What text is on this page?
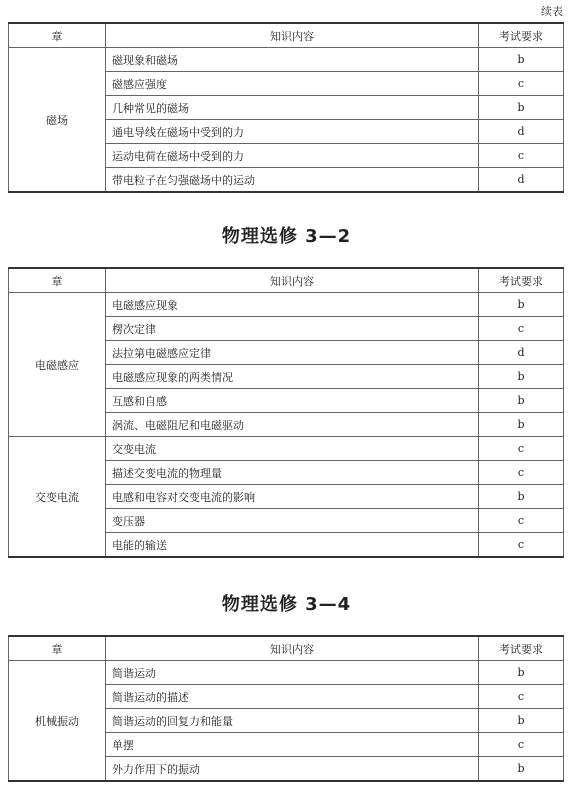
续表
章	知识内容	考试要求
磁场	磁现象和磁场	b
	磁感应强度	c
	几种常见的磁场	b
	通电导线在磁场中受到的力	d
	运动电荷在磁场中受到的力	c
	带电粒子在匀强磁场中的运动	d
物理选修 3—2
章	知识内容	考试要求
电磁感应	电磁感应现象	b
	楞次定律	c
	法拉第电磁感应定律	d
	电磁感应现象的两类情况	b
	互感和自感	b
	涡流、电磁阻尼和电磁驱动	b
交变电流	交变电流	c
	描述交变电流的物理量	c
	电感和电容对交变电流的影响	b
	变压器	c
	电能的输送	c
物理选修 3—4
章	知识内容	考试要求
机械振动	简谐运动	b
	简谐运动的描述	c
	简谐运动的回复力和能量	b
	单摆	c
	外力作用下的振动	b
